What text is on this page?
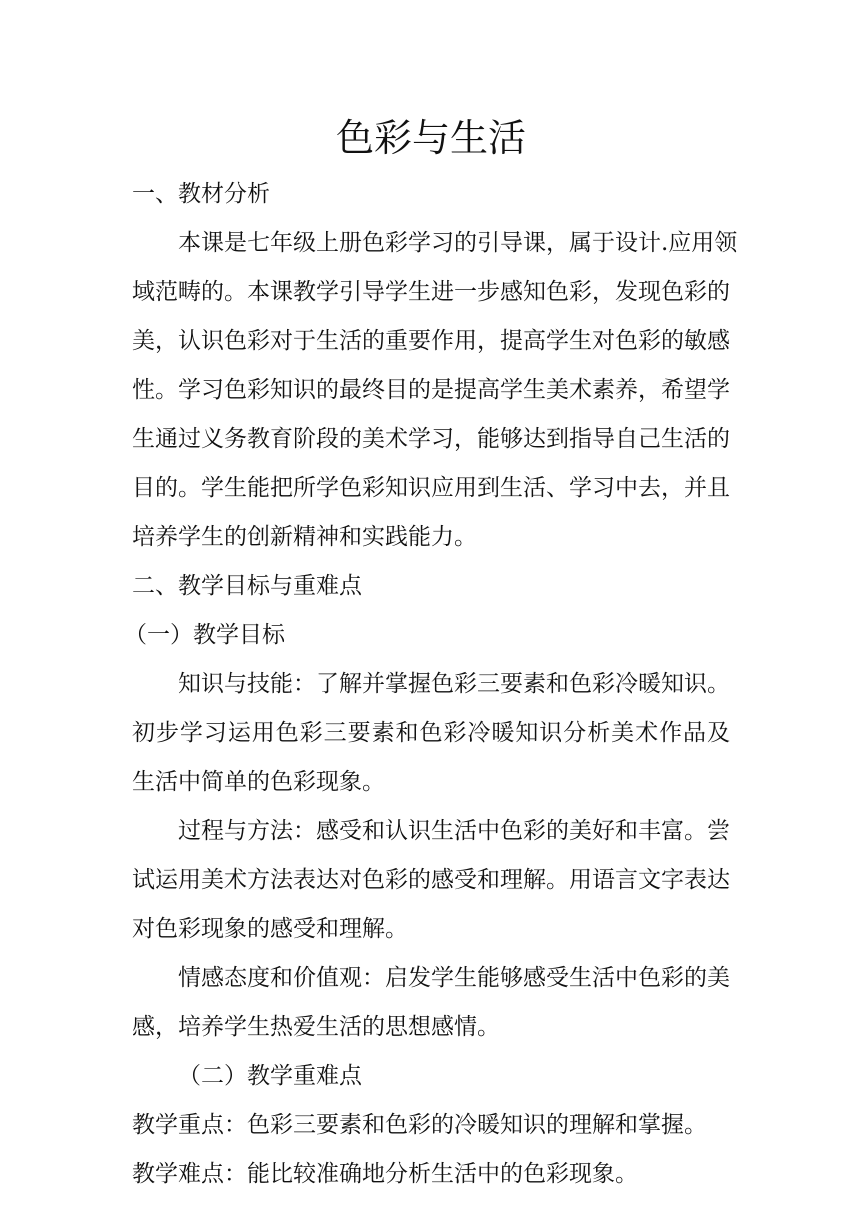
色彩与生活
一、教材分析
本课是七年级上册色彩学习的引导课，属于设计.应用领
域范畴的。本课教学引导学生进一步感知色彩，发现色彩的
美，认识色彩对于生活的重要作用，提高学生对色彩的敏感
性。学习色彩知识的最终目的是提高学生美术素养，希望学
生通过义务教育阶段的美术学习，能够达到指导自己生活的
目的。学生能把所学色彩知识应用到生活、学习中去，并且
培养学生的创新精神和实践能力。
二、教学目标与重难点
（一）教学目标
知识与技能：了解并掌握色彩三要素和色彩冷暖知识。
初步学习运用色彩三要素和色彩冷暖知识分析美术作品及
生活中简单的色彩现象。
过程与方法：感受和认识生活中色彩的美好和丰富。尝
试运用美术方法表达对色彩的感受和理解。用语言文字表达
对色彩现象的感受和理解。
情感态度和价值观：启发学生能够感受生活中色彩的美
感，培养学生热爱生活的思想感情。
（二）教学重难点
教学重点：色彩三要素和色彩的冷暖知识的理解和掌握。
教学难点：能比较准确地分析生活中的色彩现象。
